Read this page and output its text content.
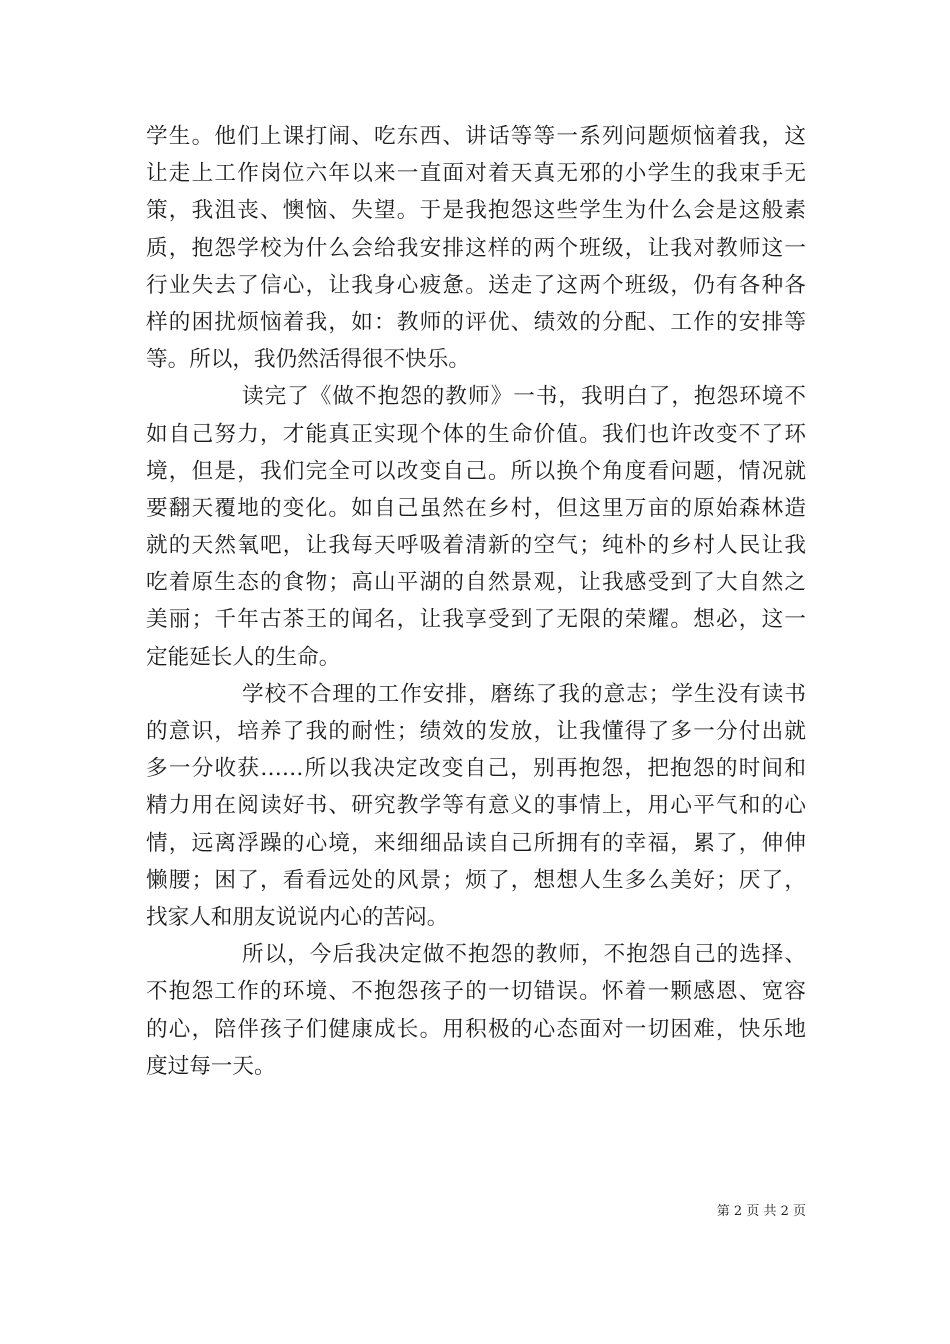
学生。他们上课打闹、吃东西、讲话等等一系列问题烦恼着我，这
让走上工作岗位六年以来一直面对着天真无邪的小学生的我束手无
策，我沮丧、懊恼、失望。于是我抱怨这些学生为什么会是这般素
质，抱怨学校为什么会给我安排这样的两个班级，让我对教师这一
行业失去了信心，让我身心疲惫。送走了这两个班级，仍有各种各
样的困扰烦恼着我，如：教师的评优、绩效的分配、工作的安排等
等。所以，我仍然活得很不快乐。
读完了《做不抱怨的教师》一书，我明白了，抱怨环境不
如自己努力，才能真正实现个体的生命价值。我们也许改变不了环
境，但是，我们完全可以改变自己。所以换个角度看问题，情况就
要翻天覆地的变化。如自己虽然在乡村，但这里万亩的原始森林造
就的天然氧吧，让我每天呼吸着清新的空气；纯朴的乡村人民让我
吃着原生态的食物；高山平湖的自然景观，让我感受到了大自然之
美丽；千年古茶王的闻名，让我享受到了无限的荣耀。想必，这一
定能延长人的生命。
学校不合理的工作安排，磨练了我的意志；学生没有读书
的意识，培养了我的耐性；绩效的发放，让我懂得了多一分付出就
多一分收获……所以我决定改变自己，别再抱怨，把抱怨的时间和
精力用在阅读好书、研究教学等有意义的事情上，用心平气和的心
情，远离浮躁的心境，来细细品读自己所拥有的幸福，累了，伸伸
懒腰；困了，看看远处的风景；烦了，想想人生多么美好；厌了，
找家人和朋友说说内心的苦闷。
所以，今后我决定做不抱怨的教师，不抱怨自己的选择、
不抱怨工作的环境、不抱怨孩子的一切错误。怀着一颗感恩、宽容
的心，陪伴孩子们健康成长。用积极的心态面对一切困难，快乐地
度过每一天。
第 2 页 共 2 页
